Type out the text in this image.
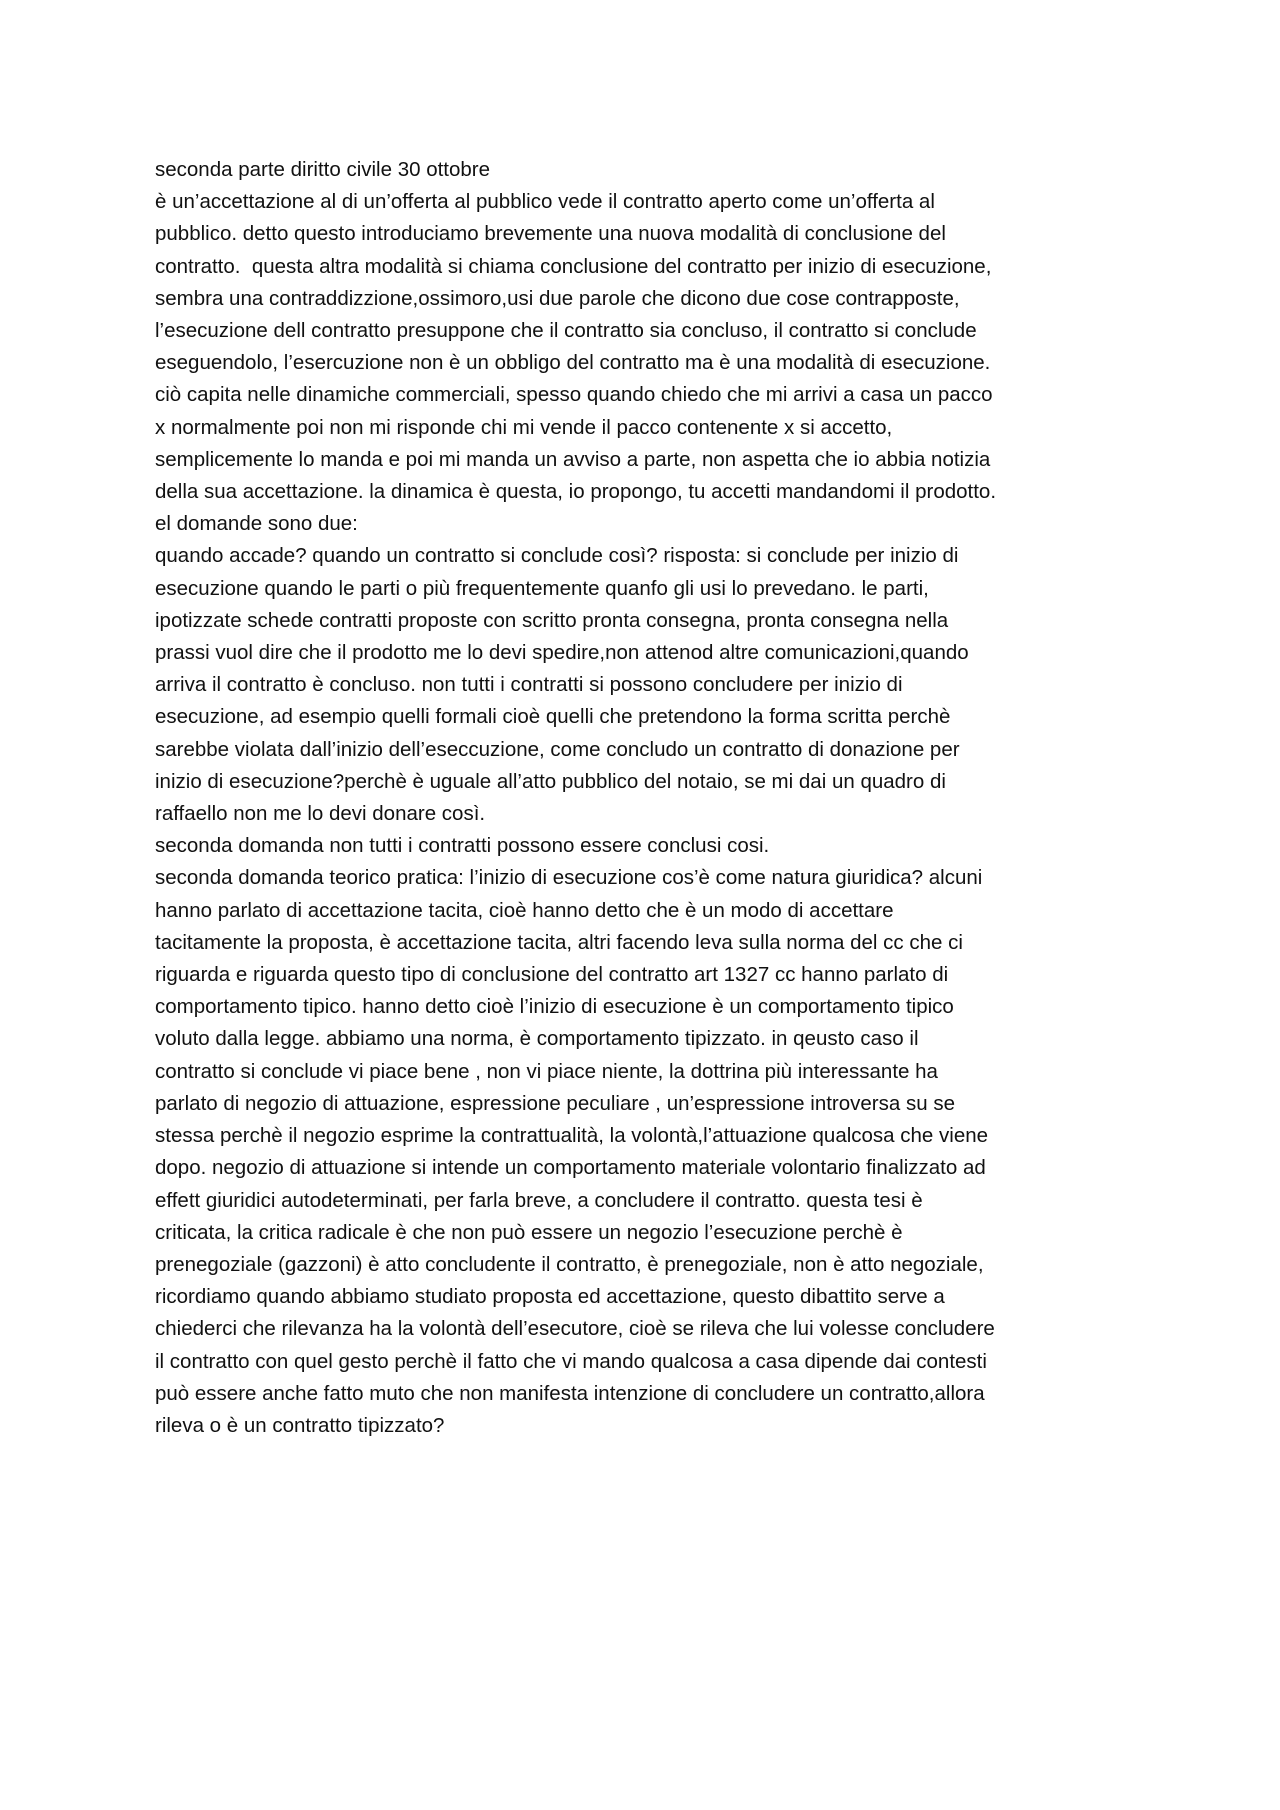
seconda parte diritto civile 30 ottobre
è un’accettazione al di un’offerta al pubblico vede il contratto aperto come un’offerta al
pubblico. detto questo introduciamo brevemente una nuova modalità di conclusione del
contratto.  questa altra modalità si chiama conclusione del contratto per inizio di esecuzione,
sembra una contraddizzione,ossimoro,usi due parole che dicono due cose contrapposte,
l’esecuzione dell contratto presuppone che il contratto sia concluso, il contratto si conclude
eseguendolo, l’esercuzione non è un obbligo del contratto ma è una modalità di esecuzione.
ciò capita nelle dinamiche commerciali, spesso quando chiedo che mi arrivi a casa un pacco
x normalmente poi non mi risponde chi mi vende il pacco contenente x si accetto,
semplicemente lo manda e poi mi manda un avviso a parte, non aspetta che io abbia notizia
della sua accettazione. la dinamica è questa, io propongo, tu accetti mandandomi il prodotto.
el domande sono due:
quando accade? quando un contratto si conclude così? risposta: si conclude per inizio di
esecuzione quando le parti o più frequentemente quanfo gli usi lo prevedano. le parti,
ipotizzate schede contratti proposte con scritto pronta consegna, pronta consegna nella
prassi vuol dire che il prodotto me lo devi spedire,non attenod altre comunicazioni,quando
arriva il contratto è concluso. non tutti i contratti si possono concludere per inizio di
esecuzione, ad esempio quelli formali cioè quelli che pretendono la forma scritta perchè
sarebbe violata dall’inizio dell’eseccuzione, come concludo un contratto di donazione per
inizio di esecuzione?perchè è uguale all’atto pubblico del notaio, se mi dai un quadro di
raffaello non me lo devi donare così.
seconda domanda non tutti i contratti possono essere conclusi cosi.
seconda domanda teorico pratica: l’inizio di esecuzione cos’è come natura giuridica? alcuni
hanno parlato di accettazione tacita, cioè hanno detto che è un modo di accettare
tacitamente la proposta, è accettazione tacita, altri facendo leva sulla norma del cc che ci
riguarda e riguarda questo tipo di conclusione del contratto art 1327 cc hanno parlato di
comportamento tipico. hanno detto cioè l’inizio di esecuzione è un comportamento tipico
voluto dalla legge. abbiamo una norma, è comportamento tipizzato. in qeusto caso il
contratto si conclude vi piace bene , non vi piace niente, la dottrina più interessante ha
parlato di negozio di attuazione, espressione peculiare , un’espressione introversa su se
stessa perchè il negozio esprime la contrattualità, la volontà,l’attuazione qualcosa che viene
dopo. negozio di attuazione si intende un comportamento materiale volontario finalizzato ad
effett giuridici autodeterminati, per farla breve, a concludere il contratto. questa tesi è
criticata, la critica radicale è che non può essere un negozio l’esecuzione perchè è
prenegoziale (gazzoni) è atto concludente il contratto, è prenegoziale, non è atto negoziale,
ricordiamo quando abbiamo studiato proposta ed accettazione, questo dibattito serve a
chiederci che rilevanza ha la volontà dell’esecutore, cioè se rileva che lui volesse concludere
il contratto con quel gesto perchè il fatto che vi mando qualcosa a casa dipende dai contesti
può essere anche fatto muto che non manifesta intenzione di concludere un contratto,allora
rileva o è un contratto tipizzato?
